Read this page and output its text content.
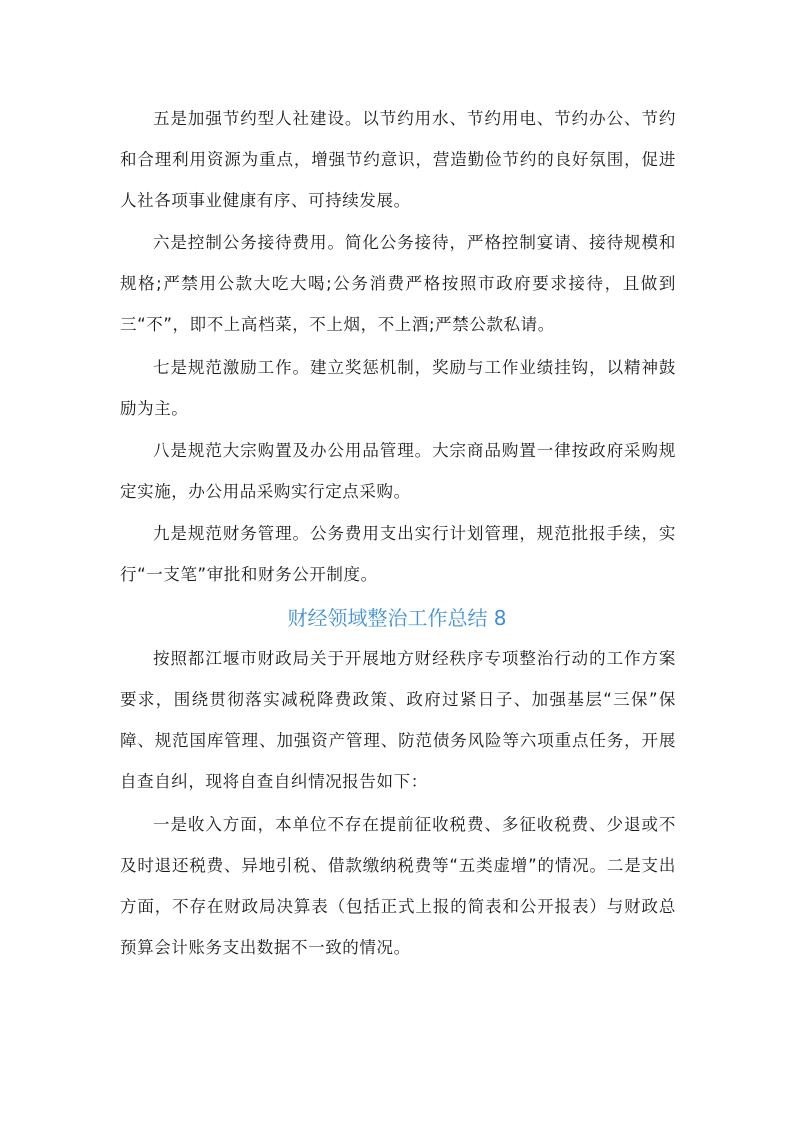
五是加强节约型人社建设。以节约用水、节约用电、节约办公、节约和合理利用资源为重点，增强节约意识，营造勤俭节约的良好氛围，促进人社各项事业健康有序、可持续发展。

六是控制公务接待费用。简化公务接待，严格控制宴请、接待规模和规格;严禁用公款大吃大喝;公务消费严格按照市政府要求接待，且做到三“不”，即不上高档菜，不上烟，不上酒;严禁公款私请。

七是规范激励工作。建立奖惩机制，奖励与工作业绩挂钩，以精神鼓励为主。

八是规范大宗购置及办公用品管理。大宗商品购置一律按政府采购规定实施，办公用品采购实行定点采购。

九是规范财务管理。公务费用支出实行计划管理，规范批报手续，实行“一支笔”审批和财务公开制度。

财经领域整治工作总结 8

按照都江堰市财政局关于开展地方财经秩序专项整治行动的工作方案要求，围绕贯彻落实减税降费政策、政府过紧日子、加强基层“三保”保障、规范国库管理、加强资产管理、防范债务风险等六项重点任务，开展自查自纠，现将自查自纠情况报告如下：

一是收入方面，本单位不存在提前征收税费、多征收税费、少退或不及时退还税费、异地引税、借款缴纳税费等“五类虚增”的情况。二是支出方面，不存在财政局决算表（包括正式上报的简表和公开报表）与财政总预算会计账务支出数据不一致的情况。
